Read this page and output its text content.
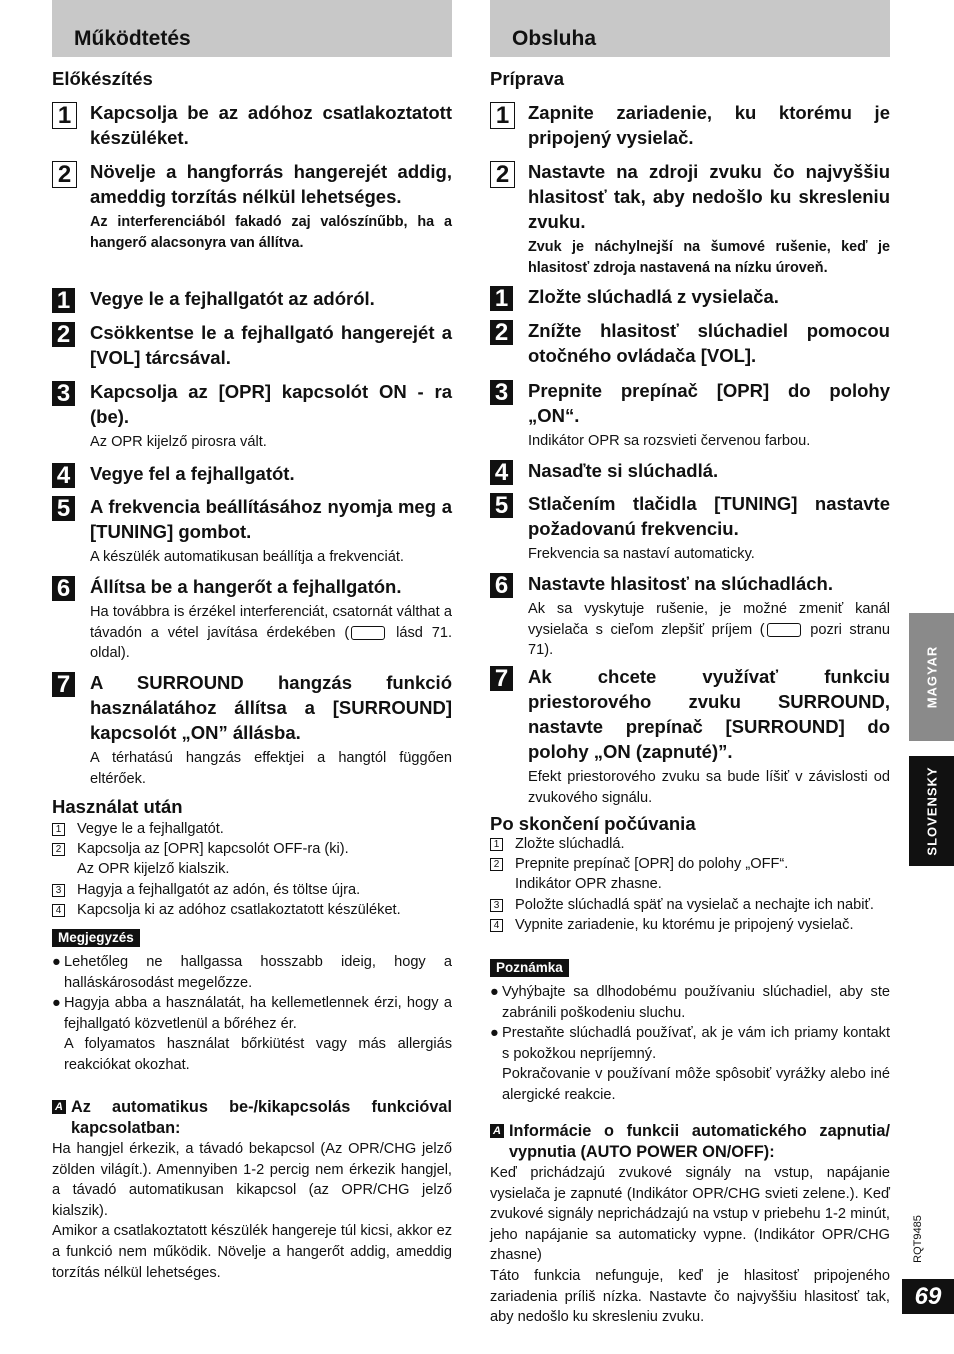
Működtetés
Előkészítés
1	Kapcsolja be az adóhoz csatlakoztatott készüléket.
2	Növelje a hangforrás hangerejét addig, ameddig torzítás nélkül lehetséges.
Az interferenciából fakadó zaj valószínűbb, ha a hangerő alacsonyra van állítva.
1 Vegye le a fejhallgatót az adóról.
2 Csökkentse le a fejhallgató hangerejét a [VOL] tárcsával.
3 Kapcsolja az [OPR] kapcsolót ON - ra (be).
Az OPR kijelző pirosra vált.
4 Vegye fel a fejhallgatót.
5 A frekvencia beállításához nyomja meg a [TUNING] gombot.
A készülék automatikusan beállítja a frekvenciát.
6 Állítsa be a hangerőt a fejhallgatón.
Ha továbbra is érzékel interferenciát, csatornát válthat a távadón a vétel javítása érdekében (	lásd 71. oldal).
7 A SURROUND hangzás funkció használatához állítsa a [SURROUND] kapcsolót „ON” állásba.
A térhatású hangzás effektjei a hangtól függően eltérőek.
Használat után
1 Vegye le a fejhallgatót.
2 Kapcsolja az [OPR] kapcsolót OFF-ra (ki).
Az OPR kijelző kialszik.
3 Hagyja a fejhallgatót az adón, és töltse újra.
4 Kapcsolja ki az adóhoz csatlakoztatott készüléket.
Megjegyzés
● Lehetőleg ne hallgassa hosszabb ideig, hogy a halláskárosodást megelőzze.
● Hagyja abba a használatát, ha kellemetlennek érzi, hogy a fejhallgató közvetlenül a bőréhez ér.
A folyamatos használat bőrkiütést vagy más allergiás reakciókat okozhat.
A Az automatikus be-/kikapcsolás funkcióval kapcsolatban:
Ha hangjel érkezik, a távadó bekapcsol (Az OPR/CHG jelző zölden világít.). Amennyiben 1-2 percig nem érkezik hangjel, a távadó automatikusan kikapcsol (az OPR/CHG jelző kialszik).
Amikor a csatlakoztatott készülék hangereje túl kicsi, akkor ez a funkció nem működik. Növelje a hangerőt addig, ameddig torzítás nélkül lehetséges.
Obsluha
Príprava
1	Zapnite zariadenie, ku ktorému je pripojený vysielač.
2	Nastavte na zdroji zvuku čo najvyššiu hlasitosť tak, aby nedošlo ku skresleniu zvuku.
Zvuk je náchylnejší na šumové rušenie, keď je hlasitosť zdroja nastavená na nízku úroveň.
1 Zložte slúchadlá z vysielača.
2 Znížte hlasitosť slúchadiel pomocou otočného ovládača [VOL].
3 Prepnite prepínač [OPR] do polohy „ON“.
Indikátor OPR sa rozsvieti červenou farbou.
4 Nasaďte si slúchadlá.
5 Stlačením tlačidla [TUNING] nastavte požadovanú frekvenciu.
Frekvencia sa nastaví automaticky.
6 Nastavte hlasitosť na slúchadlách.
Ak sa vyskytuje rušenie, je možné zmeniť kanál vysielača s cieľom zlepšiť príjem (	pozri stranu 71).
7 Ak chcete využívať funkciu priestorového zvuku SURROUND, nastavte prepínač [SURROUND] do polohy „ON (zapnuté)”.
Efekt priestorového zvuku sa bude líšiť v závislosti od zvukového signálu.
Po skončení počúvania
1 Zložte slúchadlá.
2 Prepnite prepínač [OPR] do polohy „OFF“.
Indikátor OPR zhasne.
3 Položte slúchadlá späť na vysielač a nechajte ich nabiť.
4 Vypnite zariadenie, ku ktorému je pripojený vysielač.
Poznámka
● Vyhýbajte sa dlhodobému používaniu slúchadiel, aby ste zabránili poškodeniu sluchu.
● Prestaňte slúchadlá používať, ak je vám ich priamy kontakt s pokožkou nepríjemný.
Pokračovanie v používaní môže spôsobiť vyrážky alebo iné alergické reakcie.
A Informácie o funkcii automatického zapnutia/ vypnutia (AUTO POWER ON/OFF):
Keď prichádzajú zvukové signály na vstup, napájanie vysielača je zapnuté (Indikátor OPR/CHG svieti zelene.). Keď zvukové signály neprichádzajú na vstup v priebehu 1-2 minút, jeho napájanie sa automaticky vypne. (Indikátor OPR/CHG zhasne)
Táto funkcia nefunguje, keď je hlasitosť pripojeného zariadenia príliš nízka. Nastavte čo najvyššiu hlasitosť tak, aby nedošlo ku skresleniu zvuku.
MAGYAR
SLOVENSKY
RQT9485
69
